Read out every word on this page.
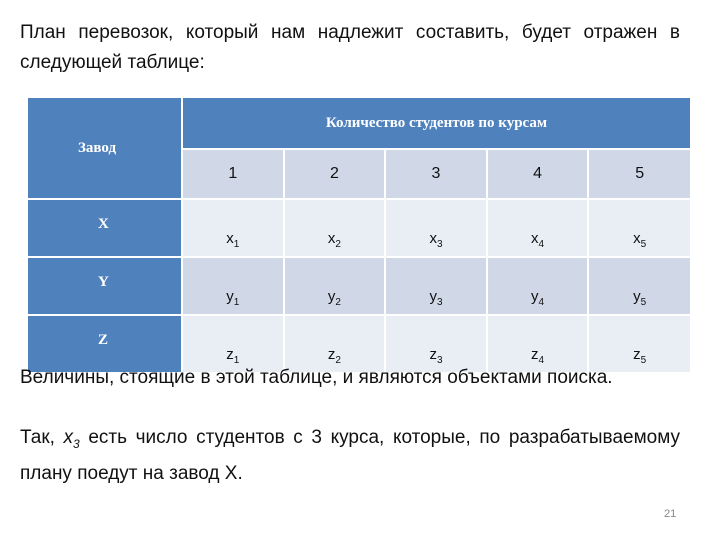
План перевозок, который нам надлежит составить, будет отражен в следующей таблице:
Завод	Количество студентов по курсам				
	1	2	3	4	5
X	$x_1$	$x_2$	$x_3$	$x_4$	$x_5$
Y	$y_1$	$y_2$	$y_3$	$y_4$	$y_5$
Z	$z_1$	$z_2$	$z_3$	$z_4$	$z_5$
Величины, стоящие в этой таблице, и являются объектами поиска.
Так, $x_3$ есть число студентов с 3 курса, которые, по разрабатываемому плану поедут на завод X.
21
